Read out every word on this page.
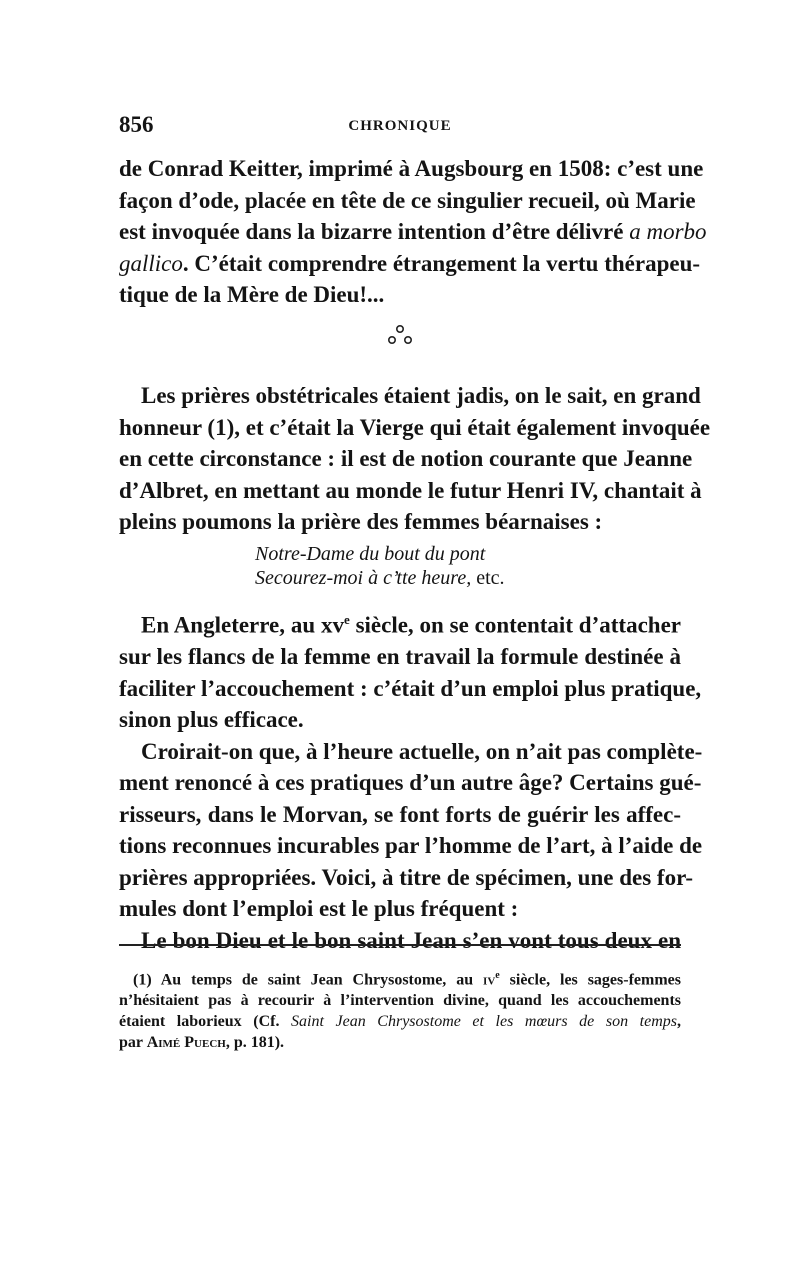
856	CHRONIQUE
de Conrad Keitter, imprimé à Augsbourg en 1508: c’est une
façon d’ode, placée en tête de ce singulier recueil, où Marie
est invoquée dans la bizarre intention d’être délivré a morbo
gallico. C’était comprendre étrangement la vertu thérapeu-
tique de la Mère de Dieu!...
Les prières obstétricales étaient jadis, on le sait, en grand
honneur (1), et c’était la Vierge qui était également invoquée
en cette circonstance : il est de notion courante que Jeanne
d’Albret, en mettant au monde le futur Henri IV, chantait à
pleins poumons la prière des femmes béarnaises :
Notre-Dame du bout du pont
Secourez-moi à c’tte heure, etc.
En Angleterre, au $xv^e$ siècle, on se contentait d’attacher
sur les flancs de la femme en travail la formule destinée à
faciliter l’accouchement : c’était d’un emploi plus pratique,
sinon plus efficace.
Croirait-on que, à l’heure actuelle, on n’ait pas complète-
ment renoncé à ces pratiques d’un autre âge? Certains gué-
risseurs, dans le Morvan, se font forts de guérir les affec-
tions reconnues incurables par l’homme de l’art, à l’aide de
prières appropriées. Voici, à titre de spécimen, une des for-
mules dont l’emploi est le plus fréquent :
Le bon Dieu et le bon saint Jean s’en vont tous deux en
(1) Au temps de saint Jean Chrysostome, au $iv^e$ siècle, les sages-femmes
n’hésitaient pas à recourir à l’intervention divine, quand les accouchements
étaient laborieux (Cf. Saint Jean Chrysostome et les mœurs de son temps,
par Aimé Puech, p. 181).
